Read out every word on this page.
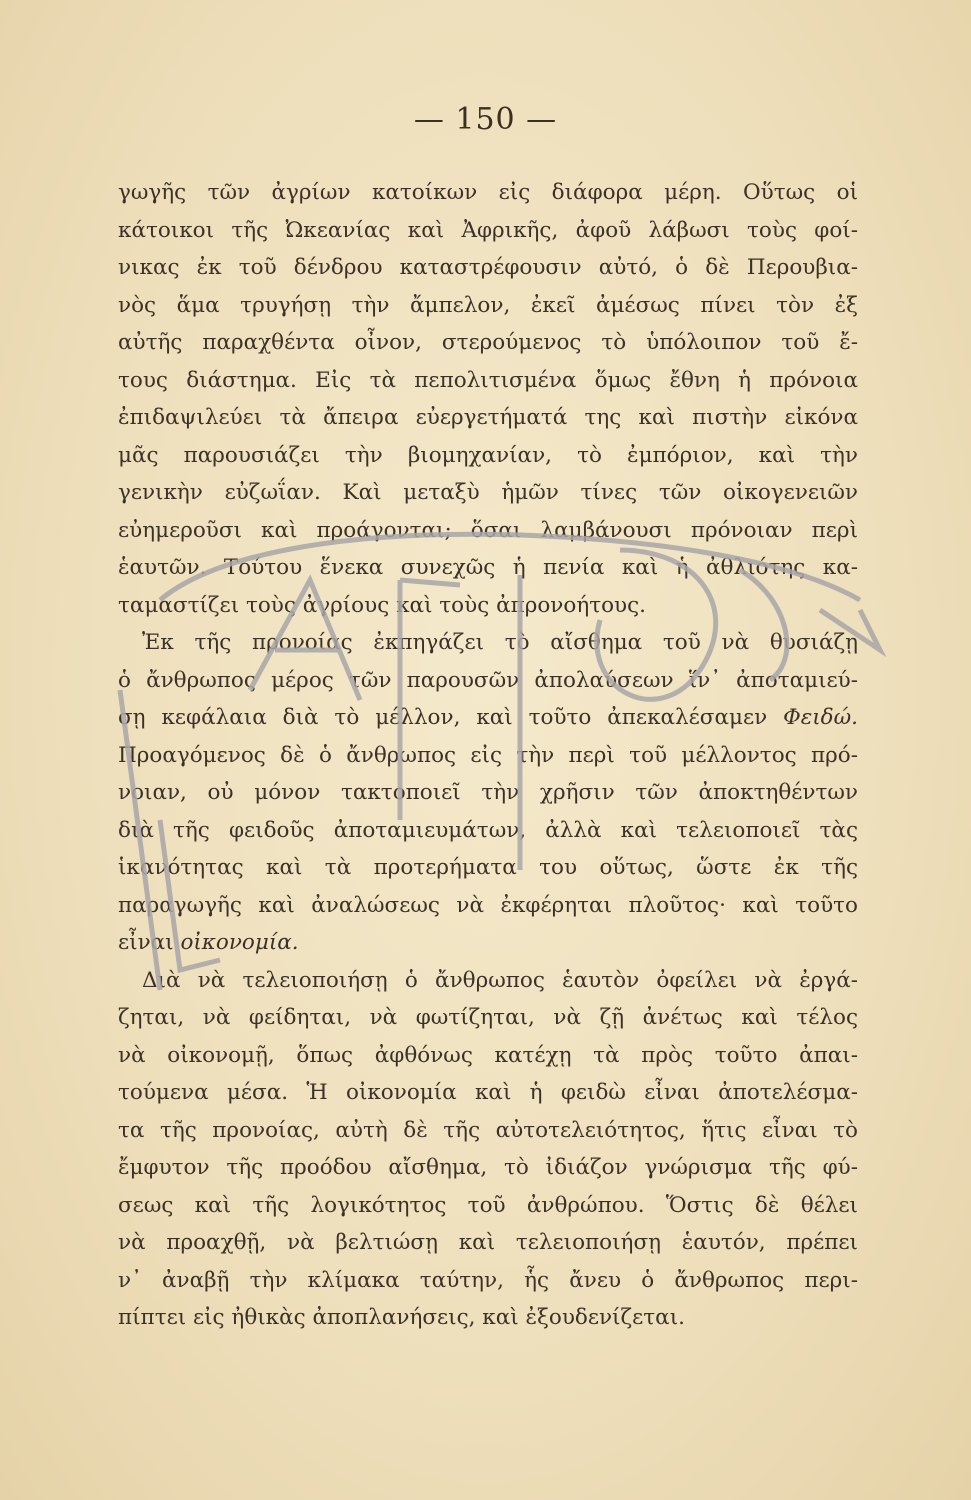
— 150 —
γωγῆς τῶν ἀγρίων κατοίκων εἰς διάφορα μέρη. Οὕτως οἱ
κάτοικοι τῆς Ὠκεανίας καὶ Ἀφρικῆς, ἀφοῦ λάβωσι τοὺς φοί-
νικας ἐκ τοῦ δένδρου καταστρέφουσιν αὐτό, ὁ δὲ Περουβια-
νὸς ἅμα τρυγήσῃ τὴν ἄμπελον, ἐκεῖ ἀμέσως πίνει τὸν ἐξ
αὐτῆς παραχθέντα οἶνον, στερούμενος τὸ ὑπόλοιπον τοῦ ἔ-
τους διάστημα. Εἰς τὰ πεπολιτισμένα ὅμως ἔθνη ἡ πρόνοια
ἐπιδαψιλεύει τὰ ἄπειρα εὐεργετήματά της καὶ πιστὴν εἰκόνα
μᾶς παρουσιάζει τὴν βιομηχανίαν, τὸ ἐμπόριον, καὶ τὴν
γενικὴν εὐζωΐαν. Καὶ μεταξὺ ἡμῶν τίνες τῶν οἰκογενειῶν
εὐημεροῦσι καὶ προάγονται; ὅσαι λαμβάνουσι πρόνοιαν περὶ
ἑαυτῶν. Τούτου ἕνεκα συνεχῶς ἡ πενία καὶ ἡ ἀθλιότης κα-
ταμαστίζει τοὺς ἀγρίους καὶ τοὺς ἀπρονοήτους.
Ἐκ τῆς προνοίας ἐκπηγάζει τὸ αἴσθημα τοῦ νὰ θυσιάζῃ
ὁ ἄνθρωπος μέρος τῶν παρουσῶν ἀπολαύσεων ἵν᾽ ἀποταμιεύ-
σῃ κεφάλαια διὰ τὸ μέλλον, καὶ τοῦτο ἀπεκαλέσαμεν Φειδώ.
Προαγόμενος δὲ ὁ ἄνθρωπος εἰς τὴν περὶ τοῦ μέλλοντος πρό-
νοιαν, οὐ μόνον τακτοποιεῖ τὴν χρῆσιν τῶν ἀποκτηθέντων
διὰ τῆς φειδοῦς ἀποταμιευμάτων, ἀλλὰ καὶ τελειοποιεῖ τὰς
ἱκανότητας καὶ τὰ προτερήματα του οὕτως, ὥστε ἐκ τῆς
παραγωγῆς καὶ ἀναλώσεως νὰ ἐκφέρηται πλοῦτος· καὶ τοῦτο
εἶναι οἰκονομία.
Διὰ νὰ τελειοποιήσῃ ὁ ἄνθρωπος ἑαυτὸν ὀφείλει νὰ ἐργά-
ζηται, νὰ φείδηται, νὰ φωτίζηται, νὰ ζῇ ἀνέτως καὶ τέλος
νὰ οἰκονομῇ, ὅπως ἀφθόνως κατέχῃ τὰ πρὸς τοῦτο ἀπαι-
τούμενα μέσα. Ἡ οἰκονομία καὶ ἡ φειδὼ εἶναι ἀποτελέσμα-
τα τῆς προνοίας, αὐτὴ δὲ τῆς αὐτοτελειότητος, ἥτις εἶναι τὸ
ἔμφυτον τῆς προόδου αἴσθημα, τὸ ἰδιάζον γνώρισμα τῆς φύ-
σεως καὶ τῆς λογικότητος τοῦ ἀνθρώπου. Ὅστις δὲ θέλει
νὰ προαχθῇ, νὰ βελτιώσῃ καὶ τελειοποιήσῃ ἑαυτόν, πρέπει
ν᾽ ἀναβῇ τὴν κλίμακα ταύτην, ἧς ἄνευ ὁ ἄνθρωπος περι-
πίπτει εἰς ἠθικὰς ἀποπλανήσεις, καὶ ἐξουδενίζεται.
ΑΓΙΟΣ
